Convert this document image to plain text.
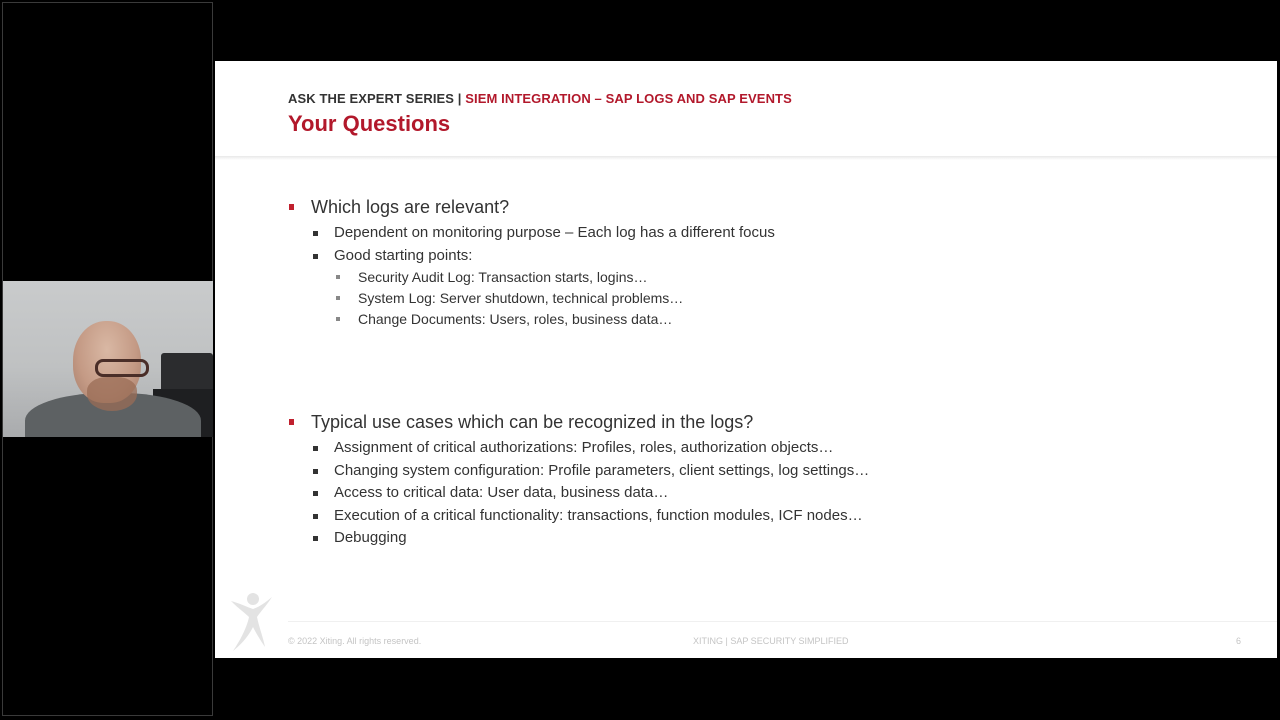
ASK THE EXPERT SERIES | SIEM INTEGRATION – SAP LOGS AND SAP EVENTS
Your Questions
Which logs are relevant?
Dependent on monitoring purpose – Each log has a different focus
Good starting points:
Security Audit Log: Transaction starts, logins…
System Log: Server shutdown, technical problems…
Change Documents: Users, roles, business data…
Typical use cases which can be recognized in the logs?
Assignment of critical authorizations: Profiles, roles, authorization objects…
Changing system configuration: Profile parameters, client settings, log settings…
Access to critical data: User data, business data…
Execution of a critical functionality: transactions, function modules, ICF nodes…
Debugging
© 2022 Xiting. All rights reserved.	XITING | SAP SECURITY SIMPLIFIED	6
